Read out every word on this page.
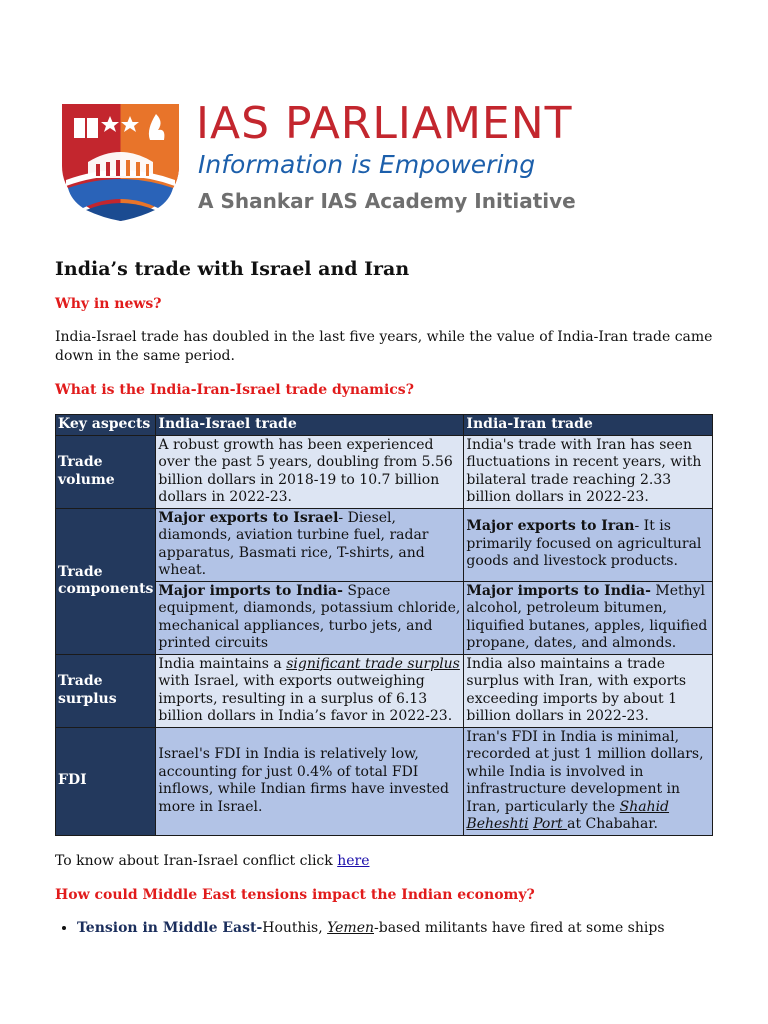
IAS PARLIAMENT
Information is Empowering
A Shankar IAS Academy Initiative
India’s trade with Israel and Iran
Why in news?

India-Israel trade has doubled in the last five years, while the value of India-Iran trade came down in the same period.

What is the India-Iran-Israel trade dynamics?
Key aspects	India-Israel trade	India-Iran trade
Trade volume	A robust growth has been experienced over the past 5 years, doubling from 5.56 billion dollars in 2018-19 to 10.7 billion dollars in 2022-23.	India's trade with Iran has seen fluctuations in recent years, with bilateral trade reaching 2.33 billion dollars in 2022-23.
Trade components	Major exports to Israel- Diesel, diamonds, aviation turbine fuel, radar apparatus, Basmati rice, T-shirts, and wheat.	Major exports to Iran- It is primarily focused on agricultural goods and livestock products.
	Major imports to India- Space equipment, diamonds, potassium chloride, mechanical appliances, turbo jets, and printed circuits	Major imports to India- Methyl alcohol, petroleum bitumen, liquified butanes, apples, liquified propane, dates, and almonds.
Trade surplus	India maintains a significant trade surplus with Israel, with exports outweighing imports, resulting in a surplus of 6.13 billion dollars in India’s favor in 2022-23.	India also maintains a trade surplus with Iran, with exports exceeding imports by about 1 billion dollars in 2022-23.
FDI	Israel's FDI in India is relatively low, accounting for just 0.4% of total FDI inflows, while Indian firms have invested more in Israel.	Iran's FDI in India is minimal, recorded at just 1 million dollars, while India is involved in infrastructure development in Iran, particularly the Shahid Beheshti Port at Chabahar.

To know about Iran-Israel conflict click here

How could Middle East tensions impact the Indian economy?
• Tension in Middle East-Houthis, Yemen-based militants have fired at some ships
